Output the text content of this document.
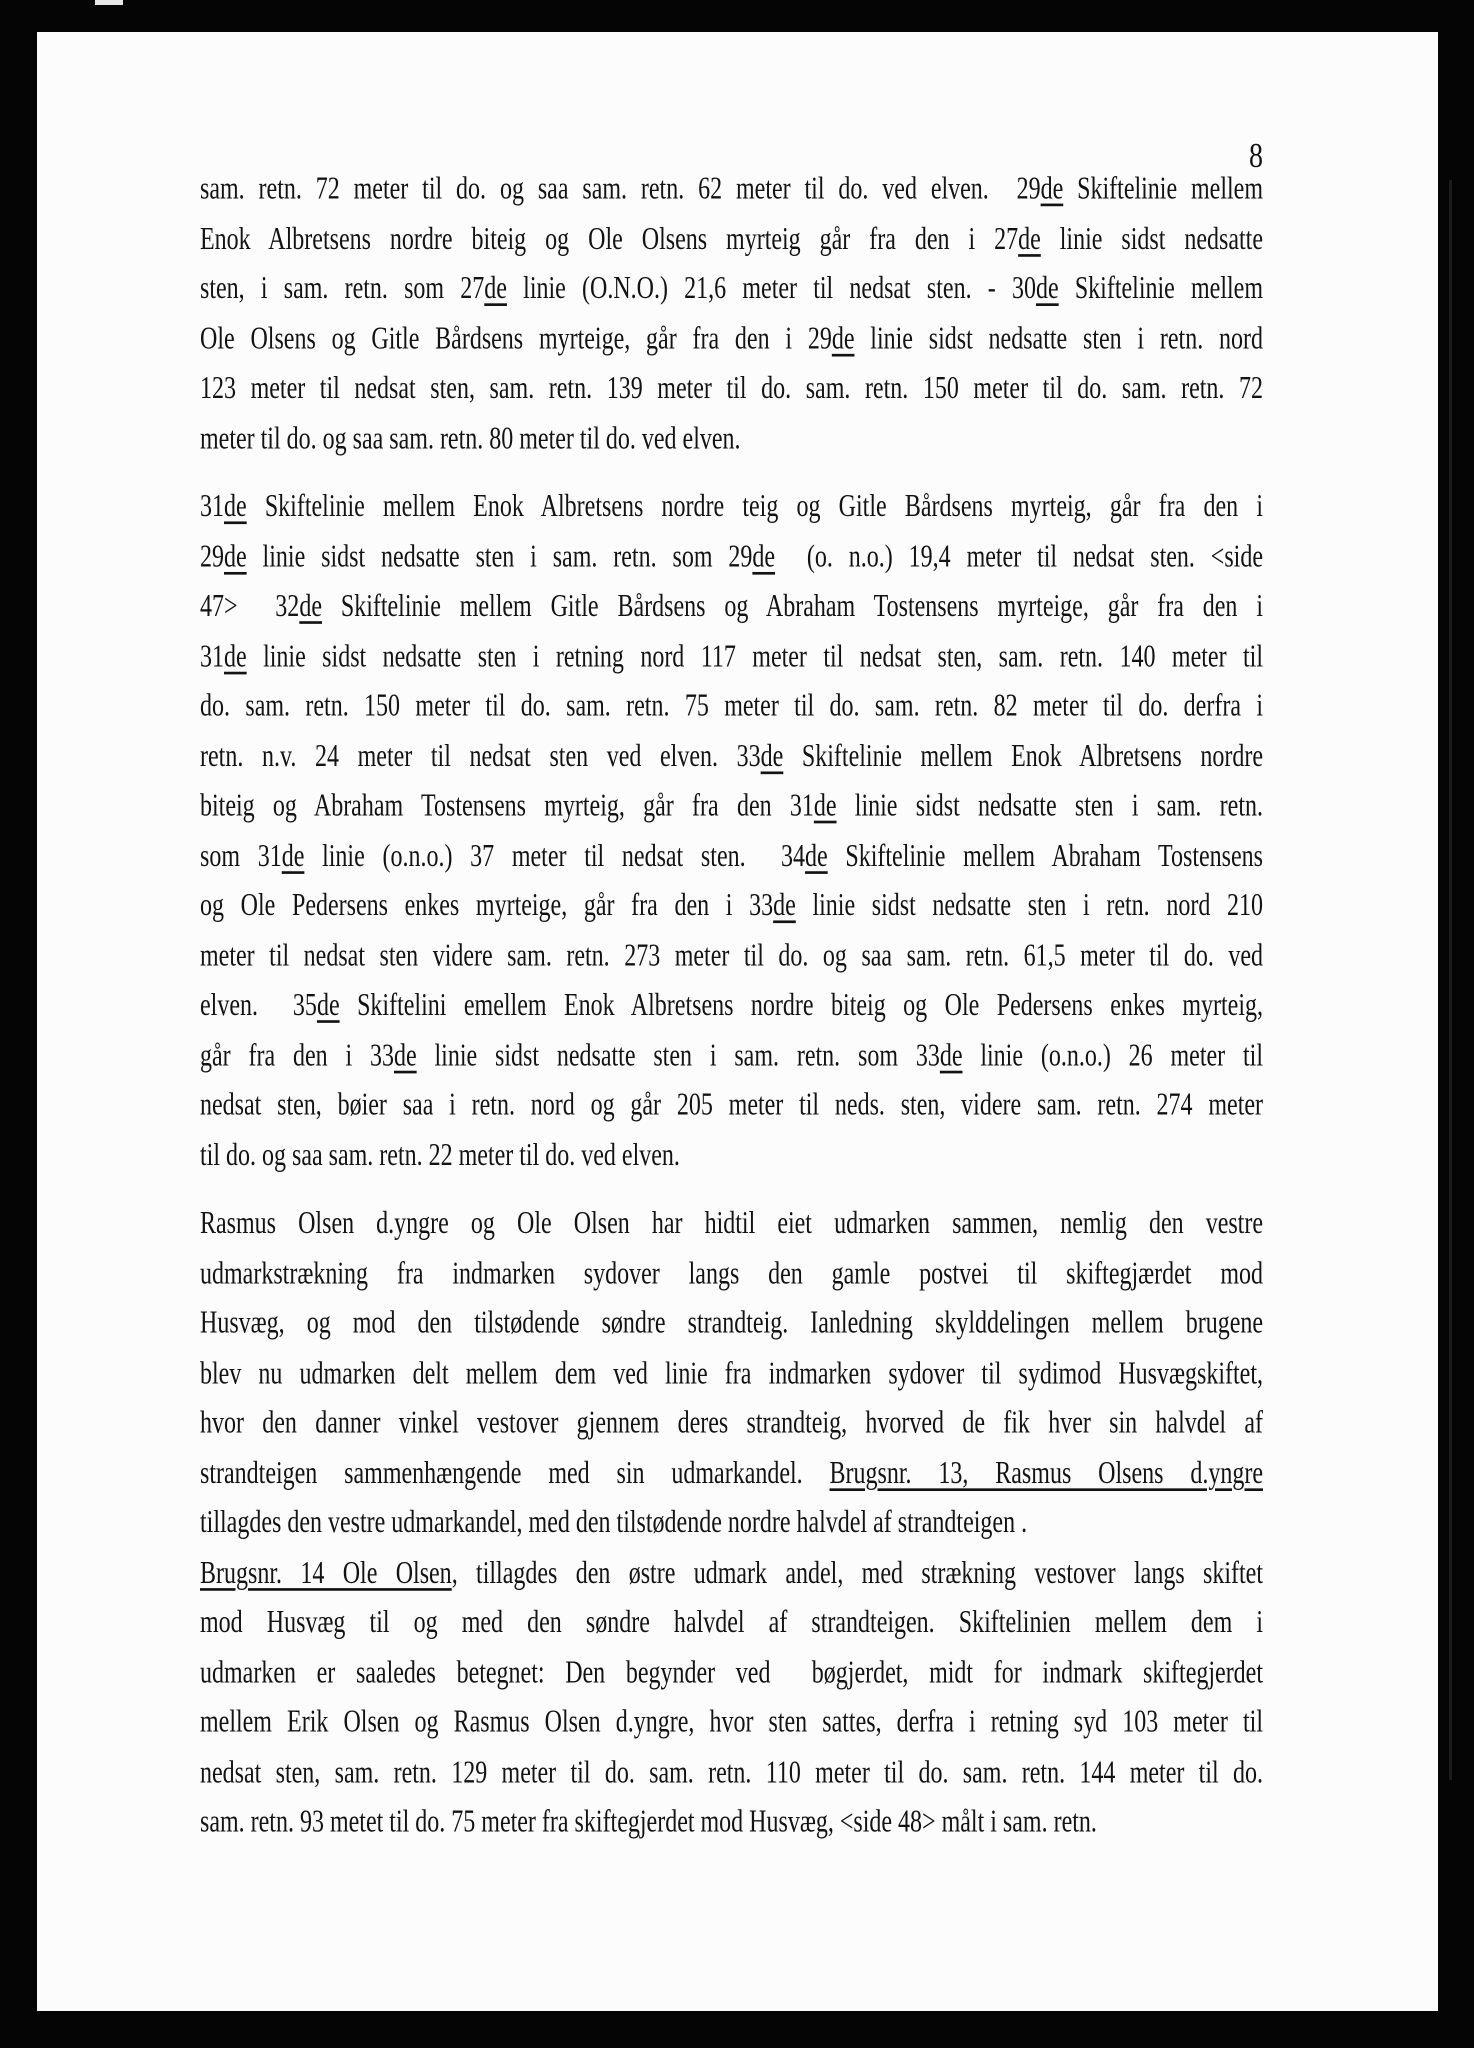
8
sam. retn. 72 meter til do. og saa sam. retn. 62 meter til do. ved elven.  29de Skiftelinie mellem
Enok Albretsens nordre biteig og Ole Olsens myrteig går fra den i 27de linie sidst nedsatte
sten, i sam. retn. som 27de linie (O.N.O.) 21,6 meter til nedsat sten. - 30de Skiftelinie mellem
Ole Olsens og Gitle Bårdsens myrteige, går fra den i 29de linie sidst nedsatte sten i retn. nord
123 meter til nedsat sten, sam. retn. 139 meter til do. sam. retn. 150 meter til do. sam. retn. 72
meter til do. og saa sam. retn. 80 meter til do. ved elven.
31de Skiftelinie mellem Enok Albretsens nordre teig og Gitle Bårdsens myrteig, går fra den i
29de linie sidst nedsatte sten i sam. retn. som 29de  (o. n.o.) 19,4 meter til nedsat sten. <side
47>  32de Skiftelinie mellem Gitle Bårdsens og Abraham Tostensens myrteige, går fra den i
31de linie sidst nedsatte sten i retning nord 117 meter til nedsat sten, sam. retn. 140 meter til
do. sam. retn. 150 meter til do. sam. retn. 75 meter til do. sam. retn. 82 meter til do. derfra i
retn. n.v. 24 meter til nedsat sten ved elven. 33de Skiftelinie mellem Enok Albretsens nordre
biteig og Abraham Tostensens myrteig, går fra den 31de linie sidst nedsatte sten i sam. retn.
som 31de linie (o.n.o.) 37 meter til nedsat sten.  34de Skiftelinie mellem Abraham Tostensens
og Ole Pedersens enkes myrteige, går fra den i 33de linie sidst nedsatte sten i retn. nord 210
meter til nedsat sten videre sam. retn. 273 meter til do. og saa sam. retn. 61,5 meter til do. ved
elven.  35de Skiftelini emellem Enok Albretsens nordre biteig og Ole Pedersens enkes myrteig,
går fra den i 33de linie sidst nedsatte sten i sam. retn. som 33de linie (o.n.o.) 26 meter til
nedsat sten, bøier saa i retn. nord og går 205 meter til neds. sten, videre sam. retn. 274 meter
til do. og saa sam. retn. 22 meter til do. ved elven.
Rasmus Olsen d.yngre og Ole Olsen har hidtil eiet udmarken sammen, nemlig den vestre
udmarkstrækning fra indmarken sydover langs den gamle postvei til skiftegjærdet mod
Husvæg, og mod den tilstødende søndre strandteig. Ianledning skylddelingen mellem brugene
blev nu udmarken delt mellem dem ved linie fra indmarken sydover til sydimod Husvægskiftet,
hvor den danner vinkel vestover gjennem deres strandteig, hvorved de fik hver sin halvdel af
strandteigen sammenhængende med sin udmarkandel. Brugsnr. 13, Rasmus Olsens d.yngre
tillagdes den vestre udmarkandel, med den tilstødende nordre halvdel af strandteigen .
Brugsnr. 14 Ole Olsen, tillagdes den østre udmark andel, med strækning vestover langs skiftet
mod Husvæg til og med den søndre halvdel af strandteigen. Skiftelinien mellem dem i
udmarken er saaledes betegnet: Den begynder ved  bøgjerdet, midt for indmark skiftegjerdet
mellem Erik Olsen og Rasmus Olsen d.yngre, hvor sten sattes, derfra i retning syd 103 meter til
nedsat sten, sam. retn. 129 meter til do. sam. retn. 110 meter til do. sam. retn. 144 meter til do.
sam. retn. 93 metet til do. 75 meter fra skiftegjerdet mod Husvæg, <side 48> målt i sam. retn.
